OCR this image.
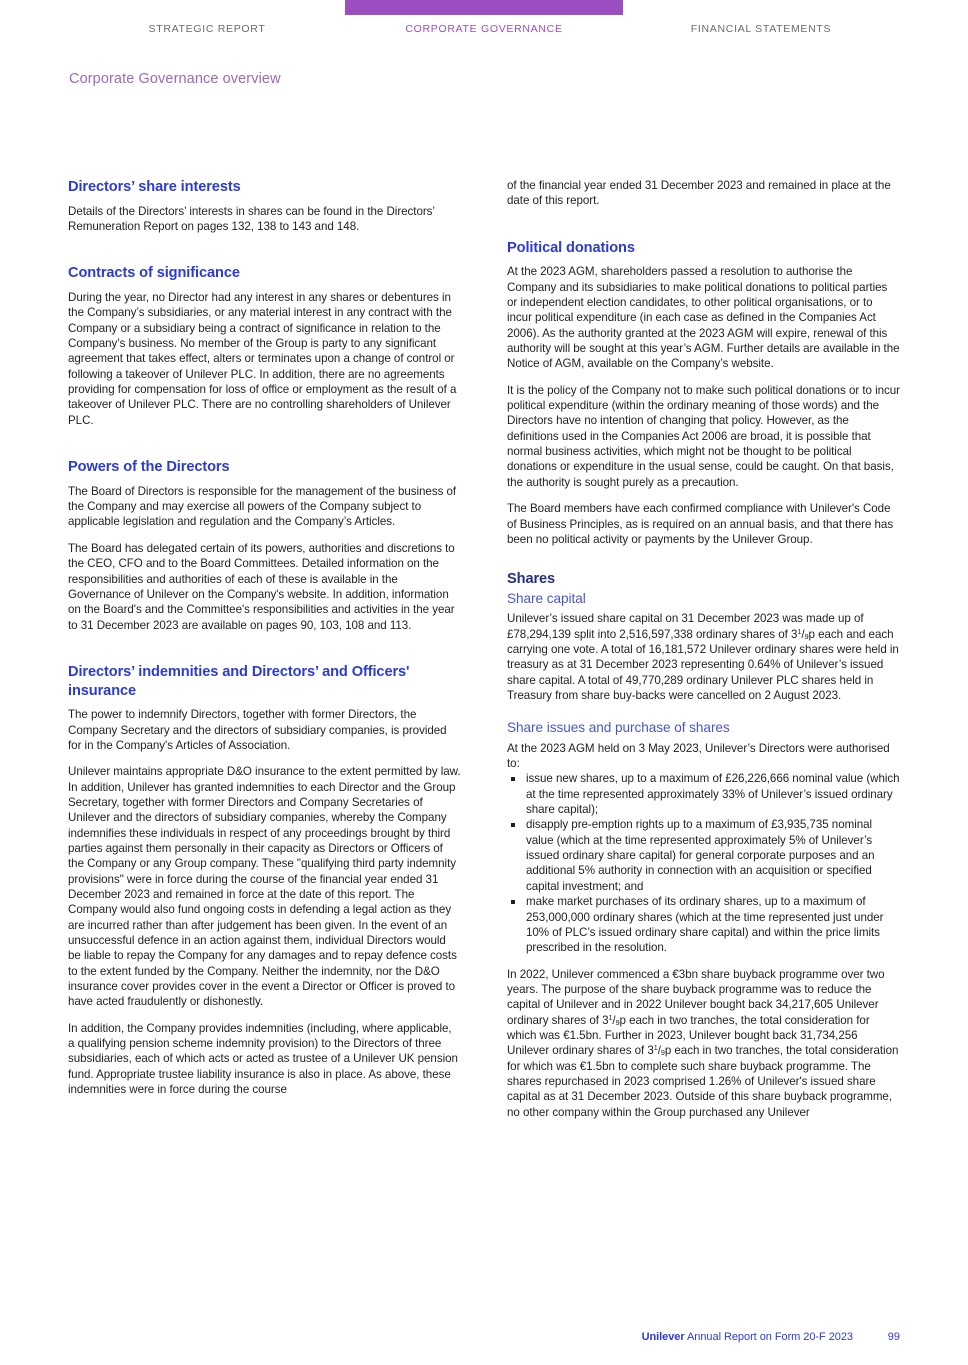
STRATEGIC REPORT	CORPORATE GOVERNANCE	FINANCIAL STATEMENTS
Corporate Governance overview
Directors’ share interests

Details of the Directors’ interests in shares can be found in the Directors’ Remuneration Report on pages 132, 138 to 143 and 148.

Contracts of significance

During the year, no Director had any interest in any shares or debentures in the Company’s subsidiaries, or any material interest in any contract with the Company or a subsidiary being a contract of significance in relation to the Company’s business. No member of the Group is party to any significant agreement that takes effect, alters or terminates upon a change of control or following a takeover of Unilever PLC. In addition, there are no agreements providing for compensation for loss of office or employment as the result of a takeover of Unilever PLC. There are no controlling shareholders of Unilever PLC.

Powers of the Directors

The Board of Directors is responsible for the management of the business of the Company and may exercise all powers of the Company subject to applicable legislation and regulation and the Company’s Articles.

The Board has delegated certain of its powers, authorities and discretions to the CEO, CFO and to the Board Committees. Detailed information on the responsibilities and authorities of each of these is available in the Governance of Unilever on the Company's website. In addition, information on the Board's and the Committee's responsibilities and activities in the year to 31 December 2023 are available on pages 90, 103, 108 and 113.

Directors’ indemnities and Directors’ and Officers' insurance

The power to indemnify Directors, together with former Directors, the Company Secretary and the directors of subsidiary companies, is provided for in the Company's Articles of Association.

Unilever maintains appropriate D&O insurance to the extent permitted by law. In addition, Unilever has granted indemnities to each Director and the Group Secretary, together with former Directors and Company Secretaries of Unilever and the directors of subsidiary companies, whereby the Company indemnifies these individuals in respect of any proceedings brought by third parties against them personally in their capacity as Directors or Officers of the Company or any Group company. These "qualifying third party indemnity provisions" were in force during the course of the financial year ended 31 December 2023 and remained in force at the date of this report. The Company would also fund ongoing costs in defending a legal action as they are incurred rather than after judgement has been given. In the event of an unsuccessful defence in an action against them, individual Directors would be liable to repay the Company for any damages and to repay defence costs to the extent funded by the Company. Neither the indemnity, nor the D&O insurance cover provides cover in the event a Director or Officer is proved to have acted fraudulently or dishonestly.

In addition, the Company provides indemnities (including, where applicable, a qualifying pension scheme indemnity provision) to the Directors of three subsidiaries, each of which acts or acted as trustee of a Unilever UK pension fund. Appropriate trustee liability insurance is also in place. As above, these indemnities were in force during the course

of the financial year ended 31 December 2023 and remained in place at the date of this report.

Political donations

At the 2023 AGM, shareholders passed a resolution to authorise the Company and its subsidiaries to make political donations to political parties or independent election candidates, to other political organisations, or to incur political expenditure (in each case as defined in the Companies Act 2006). As the authority granted at the 2023 AGM will expire, renewal of this authority will be sought at this year’s AGM. Further details are available in the Notice of AGM, available on the Company’s website.

It is the policy of the Company not to make such political donations or to incur political expenditure (within the ordinary meaning of those words) and the Directors have no intention of changing that policy. However, as the definitions used in the Companies Act 2006 are broad, it is possible that normal business activities, which might not be thought to be political donations or expenditure in the usual sense, could be caught. On that basis, the authority is sought purely as a precaution.

The Board members have each confirmed compliance with Unilever's Code of Business Principles, as is required on an annual basis, and that there has been no political activity or payments by the Unilever Group.

Shares
Share capital

Unilever’s issued share capital on 31 December 2023 was made up of £78,294,139 split into 2,516,597,338 ordinary shares of $3^1/_9p$ each and each carrying one vote. A total of 16,181,572 Unilever ordinary shares were held in treasury as at 31 December 2023 representing 0.64% of Unilever’s issued share capital. A total of 49,770,289 ordinary Unilever PLC shares held in Treasury from share buy-backs were cancelled on 2 August 2023.

Share issues and purchase of shares

At the 2023 AGM held on 3 May 2023, Unilever’s Directors were authorised to:

issue new shares, up to a maximum of £26,226,666 nominal value (which at the time represented approximately 33% of Unilever’s issued ordinary share capital);
disapply pre-emption rights up to a maximum of £3,935,735 nominal value (which at the time represented approximately 5% of Unilever’s issued ordinary share capital) for general corporate purposes and an additional 5% authority in connection with an acquisition or specified capital investment; and
make market purchases of its ordinary shares, up to a maximum of 253,000,000 ordinary shares (which at the time represented just under 10% of PLC’s issued ordinary share capital) and within the price limits prescribed in the resolution.

In 2022, Unilever commenced a €3bn share buyback programme over two years. The purpose of the share buyback programme was to reduce the capital of Unilever and in 2022 Unilever bought back 34,217,605 Unilever ordinary shares of $3^1/_9p$ each in two tranches, the total consideration for which was €1.5bn. Further in 2023, Unilever bought back 31,734,256 Unilever ordinary shares of $3^1/_9p$ each in two tranches, the total consideration for which was €1.5bn to complete such share buyback programme. The shares repurchased in 2023 comprised 1.26% of Unilever's issued share capital as at 31 December 2023. Outside of this share buyback programme, no other company within the Group purchased any Unilever

Unilever Annual Report on Form 20-F 2023	99
